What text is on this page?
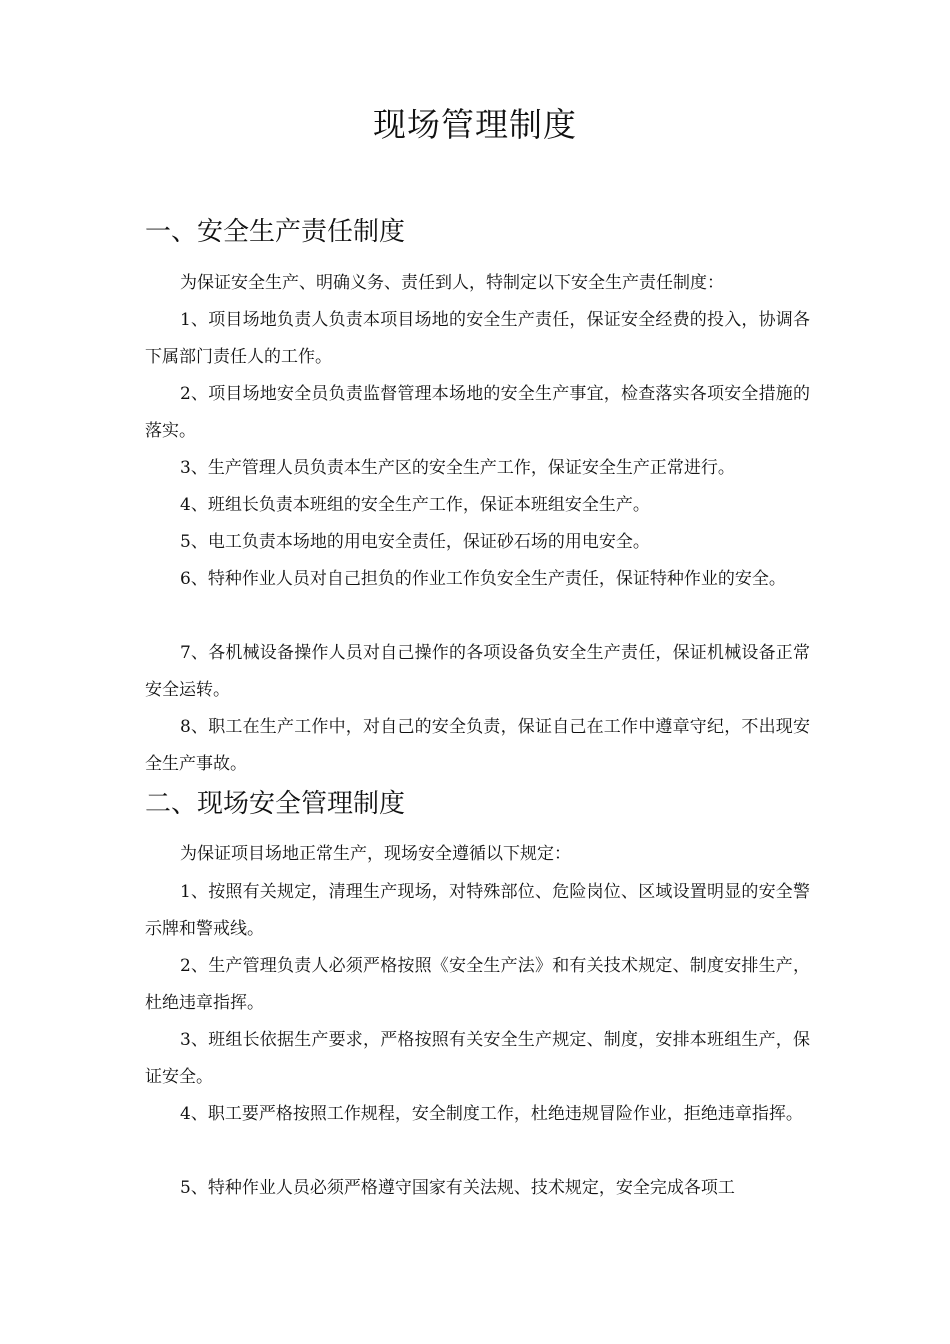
现场管理制度
一、安全生产责任制度

为保证安全生产、明确义务、责任到人，特制定以下安全生产责任制度：

1、项目场地负责人负责本项目场地的安全生产责任，保证安全经费的投入，协调各下属部门责任人的工作。

2、项目场地安全员负责监督管理本场地的安全生产事宜，检查落实各项安全措施的落实。

3、生产管理人员负责本生产区的安全生产工作，保证安全生产正常进行。

4、班组长负责本班组的安全生产工作，保证本班组安全生产。

5、电工负责本场地的用电安全责任，保证砂石场的用电安全。

6、特种作业人员对自己担负的作业工作负安全生产责任，保证特种作业的安全。

7、各机械设备操作人员对自己操作的各项设备负安全生产责任，保证机械设备正常安全运转。

8、职工在生产工作中，对自己的安全负责，保证自己在工作中遵章守纪，不出现安全生产事故。

二、现场安全管理制度

为保证项目场地正常生产，现场安全遵循以下规定：

1、按照有关规定，清理生产现场，对特殊部位、危险岗位、区域设置明显的安全警示牌和警戒线。

2、生产管理负责人必须严格按照《安全生产法》和有关技术规定、制度安排生产，杜绝违章指挥。

3、班组长依据生产要求，严格按照有关安全生产规定、制度，安排本班组生产，保证安全。

4、职工要严格按照工作规程，安全制度工作，杜绝违规冒险作业，拒绝违章指挥。

5、特种作业人员必须严格遵守国家有关法规、技术规定，安全完成各项工
